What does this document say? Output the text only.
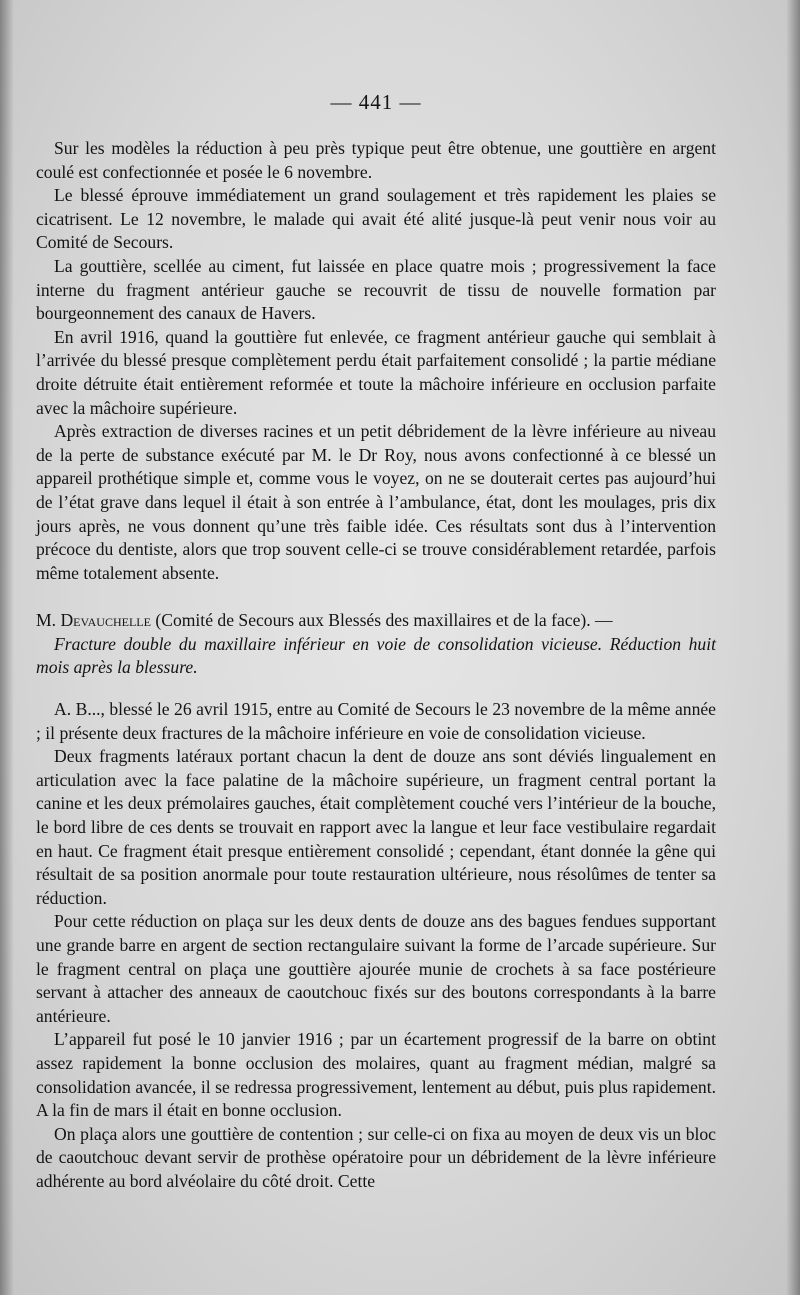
— 441 —

Sur les modèles la réduction à peu près typique peut être obtenue, une gouttière en argent coulé est confectionnée et posée le 6 novembre.

Le blessé éprouve immédiatement un grand soulagement et très rapidement les plaies se cicatrisent. Le 12 novembre, le malade qui avait été alité jusque-là peut venir nous voir au Comité de Secours.

La gouttière, scellée au ciment, fut laissée en place quatre mois ; progressivement la face interne du fragment antérieur gauche se recouvrit de tissu de nouvelle formation par bourgeonnement des canaux de Havers.

En avril 1916, quand la gouttière fut enlevée, ce fragment antérieur gauche qui semblait à l’arrivée du blessé presque complètement perdu était parfaitement consolidé ; la partie médiane droite détruite était entièrement reformée et toute la mâchoire inférieure en occlusion parfaite avec la mâchoire supérieure.

Après extraction de diverses racines et un petit débridement de la lèvre inférieure au niveau de la perte de substance exécuté par M. le Dr Roy, nous avons confectionné à ce blessé un appareil prothétique simple et, comme vous le voyez, on ne se douterait certes pas aujourd’hui de l’état grave dans lequel il était à son entrée à l’ambulance, état, dont les moulages, pris dix jours après, ne vous donnent qu’une très faible idée. Ces résultats sont dus à l’intervention précoce du dentiste, alors que trop souvent celle-ci se trouve considérablement retardée, parfois même totalement absente.

M. Devauchelle (Comité de Secours aux Blessés des maxillaires et de la face). —

Fracture double du maxillaire inférieur en voie de consolidation vicieuse. Réduction huit mois après la blessure.

A. B..., blessé le 26 avril 1915, entre au Comité de Secours le 23 novembre de la même année ; il présente deux fractures de la mâchoire inférieure en voie de consolidation vicieuse.

Deux fragments latéraux portant chacun la dent de douze ans sont déviés lingualement en articulation avec la face palatine de la mâchoire supérieure, un fragment central portant la canine et les deux prémolaires gauches, était complètement couché vers l’intérieur de la bouche, le bord libre de ces dents se trouvait en rapport avec la langue et leur face vestibulaire regardait en haut. Ce fragment était presque entièrement consolidé ; cependant, étant donnée la gêne qui résultait de sa position anormale pour toute restauration ultérieure, nous résolûmes de tenter sa réduction.

Pour cette réduction on plaça sur les deux dents de douze ans des bagues fendues supportant une grande barre en argent de section rectangulaire suivant la forme de l’arcade supérieure. Sur le fragment central on plaça une gouttière ajourée munie de crochets à sa face postérieure servant à attacher des anneaux de caoutchouc fixés sur des boutons correspondants à la barre antérieure.

L’appareil fut posé le 10 janvier 1916 ; par un écartement progressif de la barre on obtint assez rapidement la bonne occlusion des molaires, quant au fragment médian, malgré sa consolidation avancée, il se redressa progressivement, lentement au début, puis plus rapidement. A la fin de mars il était en bonne occlusion.

On plaça alors une gouttière de contention ; sur celle-ci on fixa au moyen de deux vis un bloc de caoutchouc devant servir de prothèse opératoire pour un débridement de la lèvre inférieure adhérente au bord alvéolaire du côté droit. Cette
